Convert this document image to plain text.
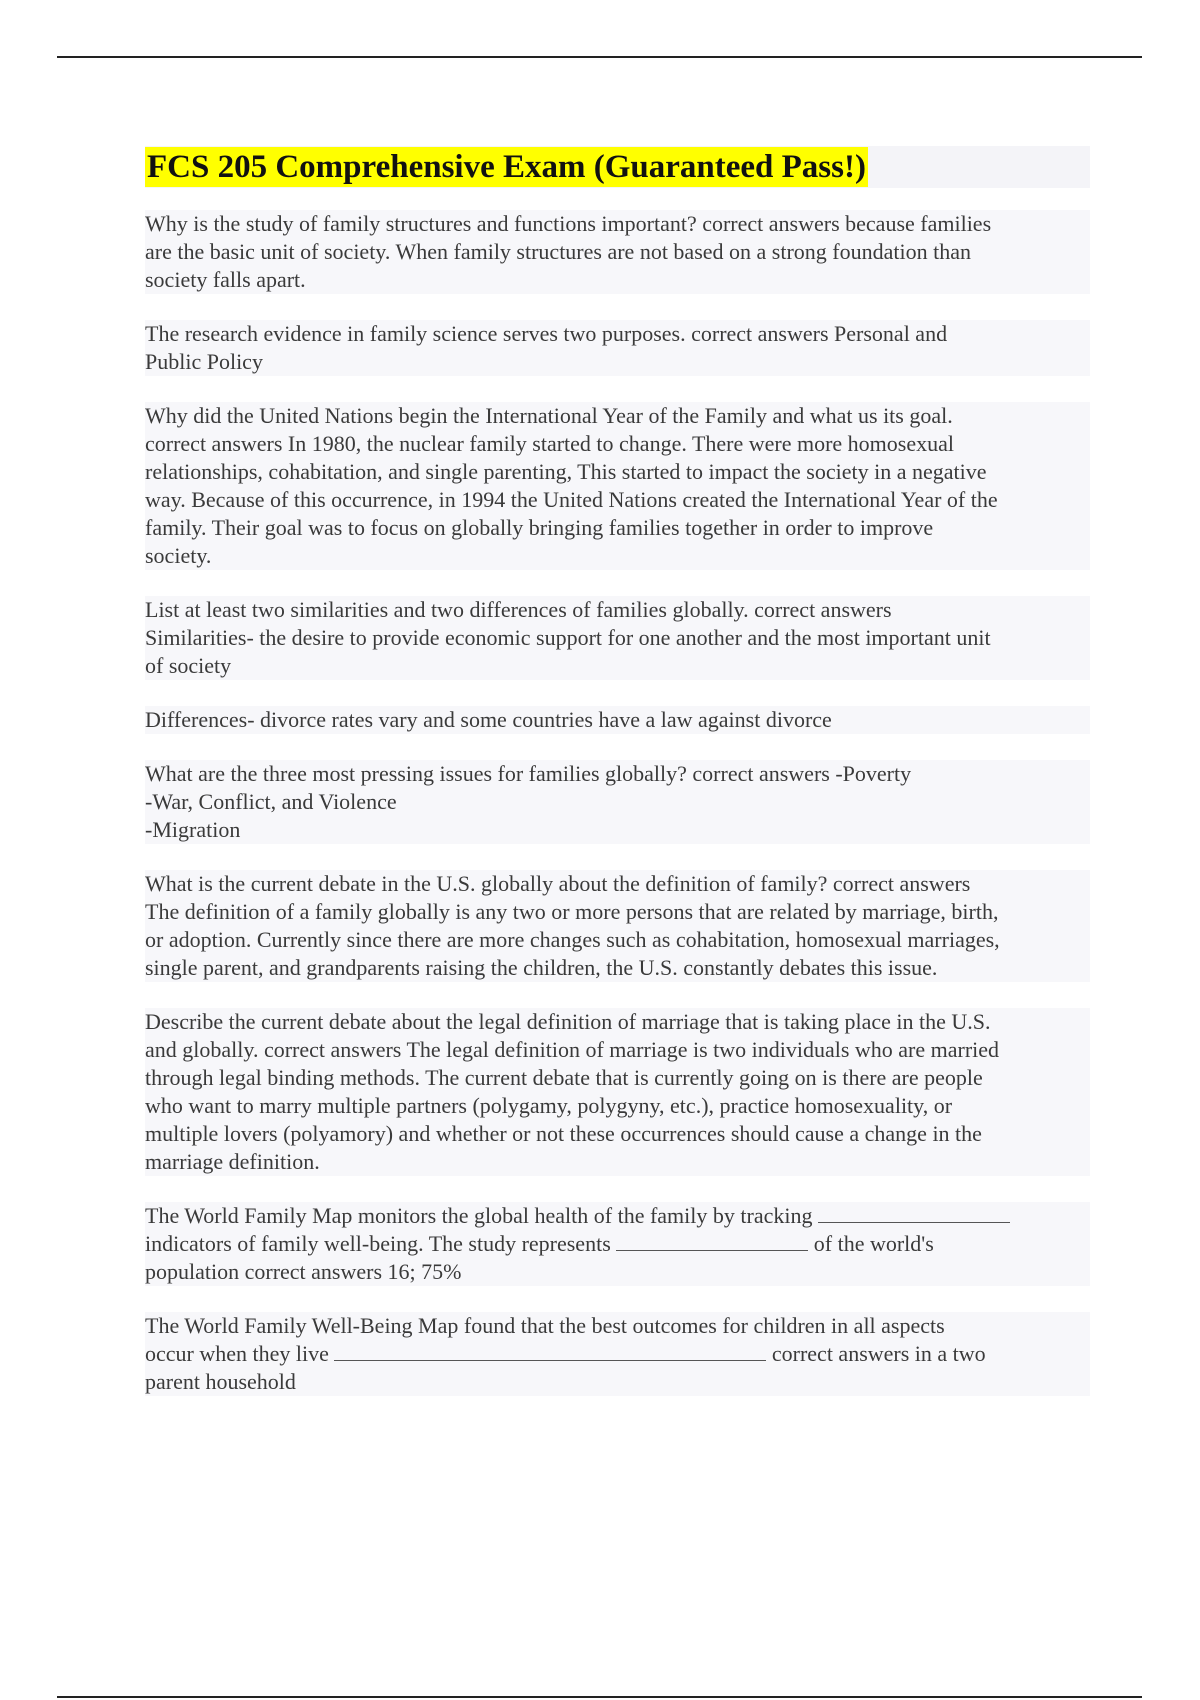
FCS 205 Comprehensive Exam (Guaranteed Pass!)
Why is the study of family structures and functions important? correct answers because families
are the basic unit of society. When family structures are not based on a strong foundation than
society falls apart.
The research evidence in family science serves two purposes. correct answers Personal and
Public Policy
Why did the United Nations begin the International Year of the Family and what us its goal.
correct answers In 1980, the nuclear family started to change. There were more homosexual
relationships, cohabitation, and single parenting, This started to impact the society in a negative
way. Because of this occurrence, in 1994 the United Nations created the International Year of the
family. Their goal was to focus on globally bringing families together in order to improve
society.
List at least two similarities and two differences of families globally. correct answers
Similarities- the desire to provide economic support for one another and the most important unit
of society
Differences- divorce rates vary and some countries have a law against divorce
What are the three most pressing issues for families globally? correct answers -Poverty
-War, Conflict, and Violence
-Migration
What is the current debate in the U.S. globally about the definition of family? correct answers
The definition of a family globally is any two or more persons that are related by marriage, birth,
or adoption. Currently since there are more changes such as cohabitation, homosexual marriages,
single parent, and grandparents raising the children, the U.S. constantly debates this issue.
Describe the current debate about the legal definition of marriage that is taking place in the U.S.
and globally. correct answers The legal definition of marriage is two individuals who are married
through legal binding methods. The current debate that is currently going on is there are people
who want to marry multiple partners (polygamy, polygyny, etc.), practice homosexuality, or
multiple lovers (polyamory) and whether or not these occurrences should cause a change in the
marriage definition.
The World Family Map monitors the global health of the family by tracking
indicators of family well-being. The study represents	of the world's
population correct answers 16; 75%
The World Family Well-Being Map found that the best outcomes for children in all aspects
occur when they live	correct answers in a two
parent household
